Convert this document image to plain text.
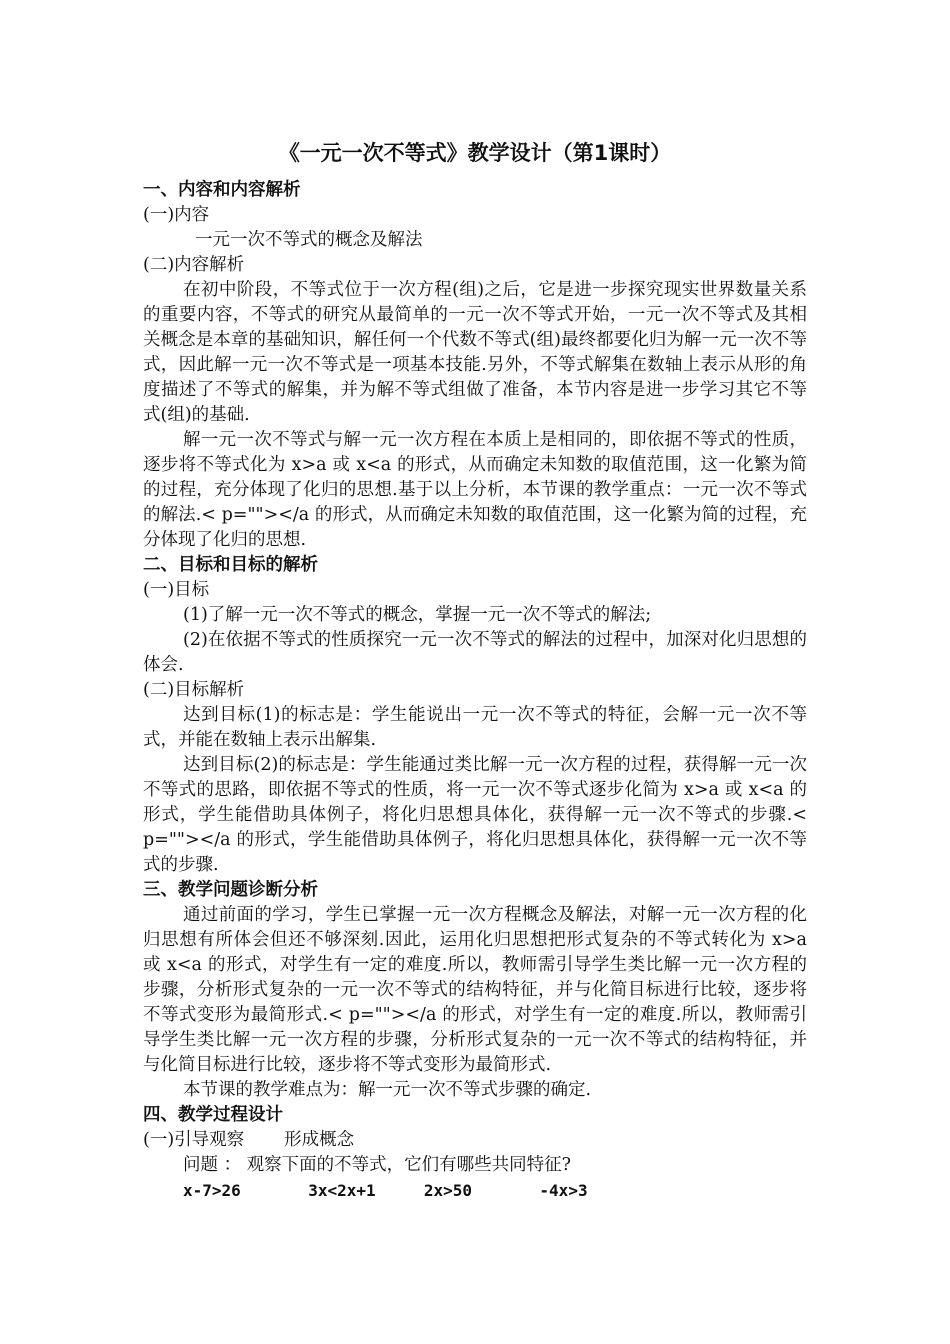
《一元一次不等式》教学设计（第1课时）
一、内容和内容解析
(一)内容
一元一次不等式的概念及解法
(二)内容解析
在初中阶段，不等式位于一次方程(组)之后，它是进一步探究现实世界数量关系的重要内容，不等式的研究从最简单的一元一次不等式开始，一元一次不等式及其相关概念是本章的基础知识，解任何一个代数不等式(组)最终都要化归为解一元一次不等式，因此解一元一次不等式是一项基本技能.另外，不等式解集在数轴上表示从形的角度描述了不等式的解集，并为解不等式组做了准备，本节内容是进一步学习其它不等式(组)的基础.
解一元一次不等式与解一元一次方程在本质上是相同的，即依据不等式的性质，逐步将不等式化为 x>a 或 x<a 的形式，从而确定未知数的取值范围，这一化繁为简的过程，充分体现了化归的思想.基于以上分析，本节课的教学重点：一元一次不等式的解法.< p=""></a 的形式，从而确定未知数的取值范围，这一化繁为简的过程，充分体现了化归的思想.
二、目标和目标的解析
(一)目标
(1)了解一元一次不等式的概念，掌握一元一次不等式的解法;
(2)在依据不等式的性质探究一元一次不等式的解法的过程中，加深对化归思想的体会.
(二)目标解析
达到目标(1)的标志是：学生能说出一元一次不等式的特征，会解一元一次不等式，并能在数轴上表示出解集.
达到目标(2)的标志是：学生能通过类比解一元一次方程的过程，获得解一元一次不等式的思路，即依据不等式的性质，将一元一次不等式逐步化简为 x>a 或 x<a 的形式，学生能借助具体例子，将化归思想具体化，获得解一元一次不等式的步骤.< p=""></a 的形式，学生能借助具体例子，将化归思想具体化，获得解一元一次不等式的步骤.
三、教学问题诊断分析
通过前面的学习，学生已掌握一元一次方程概念及解法，对解一元一次方程的化归思想有所体会但还不够深刻.因此，运用化归思想把形式复杂的不等式转化为 x>a 或 x<a 的形式，对学生有一定的难度.所以，教师需引导学生类比解一元一次方程的步骤，分析形式复杂的一元一次不等式的结构特征，并与化简目标进行比较，逐步将不等式变形为最简形式.< p=""></a 的形式，对学生有一定的难度.所以，教师需引导学生类比解一元一次方程的步骤，分析形式复杂的一元一次不等式的结构特征，并与化简目标进行比较，逐步将不等式变形为最简形式.
本节课的教学难点为：解一元一次不等式步骤的确定.
四、教学过程设计
(一)引导观察 形成概念
问题 ： 观察下面的不等式，它们有哪些共同特征?
x-7>26       3x<2x+1     2x>50       -4x>3
